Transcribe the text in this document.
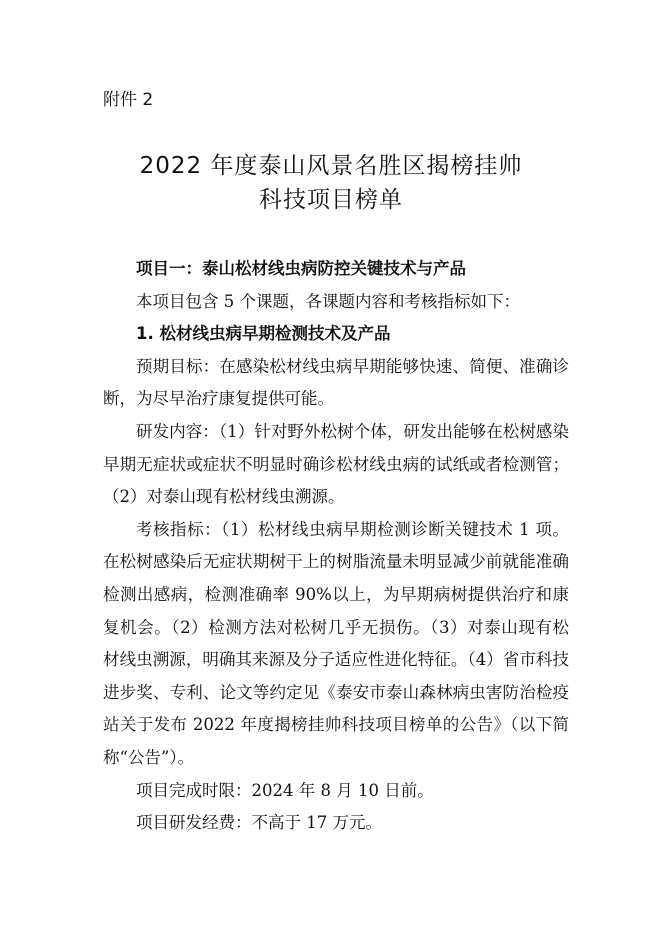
附件 2
2022 年度泰山风景名胜区揭榜挂帅
科技项目榜单

项目一：泰山松材线虫病防控关键技术与产品

本项目包含 5 个课题，各课题内容和考核指标如下：

1. 松材线虫病早期检测技术及产品

预期目标：在感染松材线虫病早期能够快速、简便、准确诊断，为尽早治疗康复提供可能。

研发内容：（1）针对野外松树个体，研发出能够在松树感染早期无症状或症状不明显时确诊松材线虫病的试纸或者检测管；（2）对泰山现有松材线虫溯源。

考核指标：（1）松材线虫病早期检测诊断关键技术 1 项。在松树感染后无症状期树干上的树脂流量未明显减少前就能准确检测出感病，检测准确率 90%以上，为早期病树提供治疗和康复机会。（2）检测方法对松树几乎无损伤。（3）对泰山现有松材线虫溯源，明确其来源及分子适应性进化特征。（4）省市科技进步奖、专利、论文等约定见《泰安市泰山森林病虫害防治检疫站关于发布 2022 年度揭榜挂帅科技项目榜单的公告》（以下简称“公告”）。

项目完成时限：2024 年 8 月 10 日前。

项目研发经费：不高于 17 万元。
